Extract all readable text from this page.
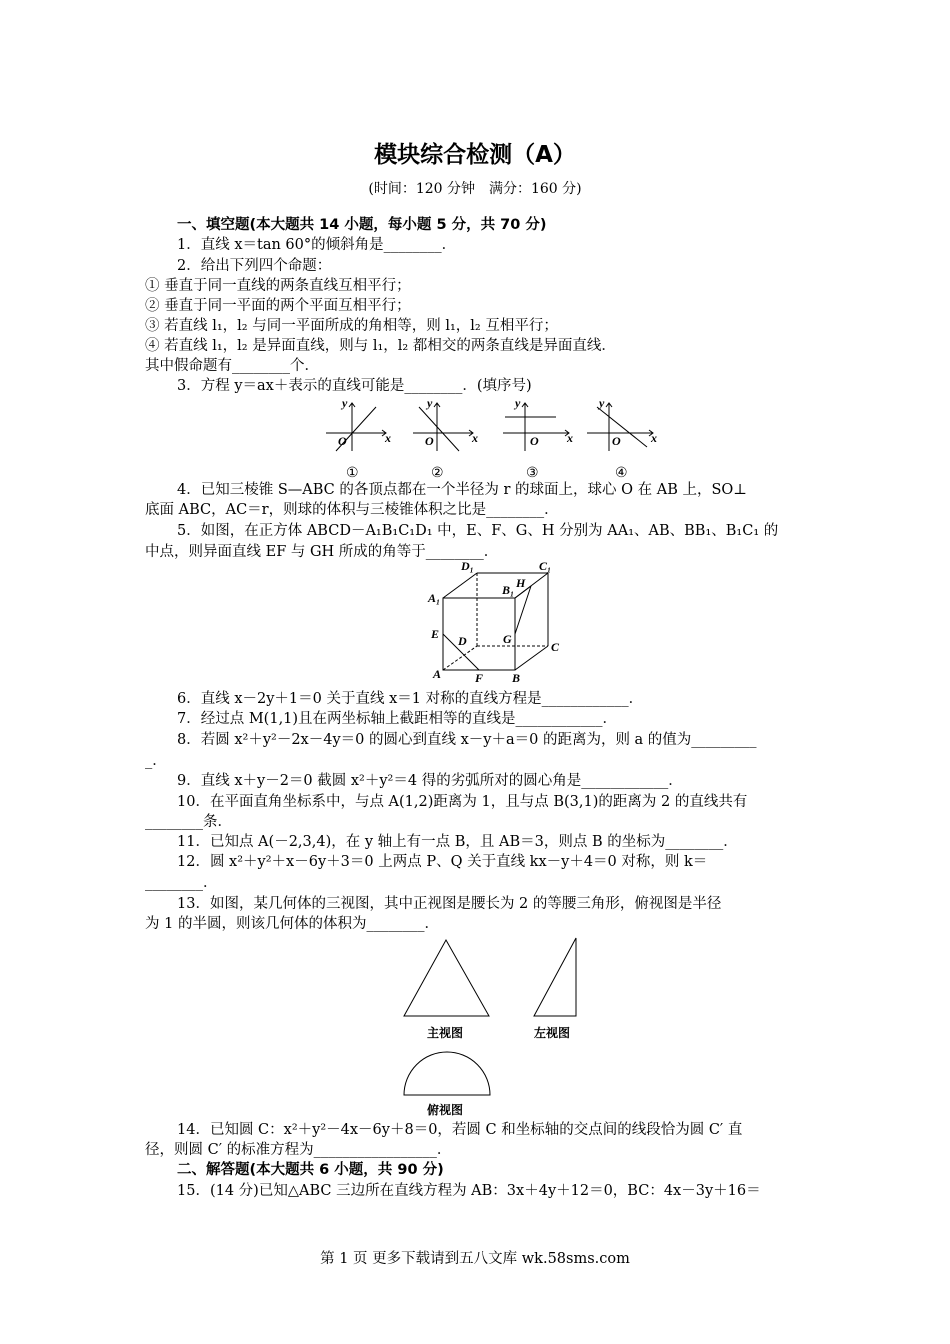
模块综合检测（A）
(时间：120 分钟　满分：160 分)
一、填空题(本大题共 14 小题，每小题 5 分，共 70 分)
1．直线 x＝tan 60°的倾斜角是________．
2．给出下列四个命题：
① 垂直于同一直线的两条直线互相平行；
② 垂直于同一平面的两个平面互相平行；
③ 若直线 l₁，l₂ 与同一平面所成的角相等，则 l₁，l₂ 互相平行；
④ 若直线 l₁，l₂ 是异面直线，则与 l₁，l₂ 都相交的两条直线是异面直线．
其中假命题有________个．
3．方程 y＝ax＋表示的直线可能是________．(填序号)
y
x
O
y
x
O
y
x
O
y
x
O
①	②	③	④
4．已知三棱锥 S—ABC 的各顶点都在一个半径为 r 的球面上，球心 O 在 AB 上，SO⊥
底面 ABC，AC＝r，则球的体积与三棱锥体积之比是________．
5．如图，在正方体 ABCD－A₁B₁C₁D₁ 中，E、F、G、H 分别为 AA₁、AB、BB₁、B₁C₁ 的
中点，则异面直线 EF 与 GH 所成的角等于________．
D₁	C₁
A₁
B₁ H
E D	G
C
A	F B
6．直线 x－2y＋1＝0 关于直线 x＝1 对称的直线方程是____________．
7．经过点 M(1,1)且在两坐标轴上截距相等的直线是____________．
8．若圆 x²＋y²－2x－4y＝0 的圆心到直线 x－y＋a＝0 的距离为，则 a 的值为_________
_．
9．直线 x＋y－2＝0 截圆 x²＋y²＝4 得的劣弧所对的圆心角是____________．
10．在平面直角坐标系中，与点 A(1,2)距离为 1，且与点 B(3,1)的距离为 2 的直线共有
________条．
11．已知点 A(－2,3,4)，在 y 轴上有一点 B，且 AB＝3，则点 B 的坐标为________．
12．圆 x²＋y²＋x－6y＋3＝0 上两点 P、Q 关于直线 kx－y＋4＝0 对称，则 k＝
________．
13．如图，某几何体的三视图，其中正视图是腰长为 2 的等腰三角形，俯视图是半径
为 1 的半圆，则该几何体的体积为________．
主视图	左视图
俯视图
14．已知圆 C：x²＋y²－4x－6y＋8＝0，若圆 C 和坐标轴的交点间的线段恰为圆 C′ 直
径，则圆 C′ 的标准方程为_________________．
二、解答题(本大题共 6 小题，共 90 分)
15．(14 分)已知△ABC 三边所在直线方程为 AB：3x＋4y＋12＝0，BC：4x－3y＋16＝
第 1 页 更多下载请到五八文库 wk.58sms.com
